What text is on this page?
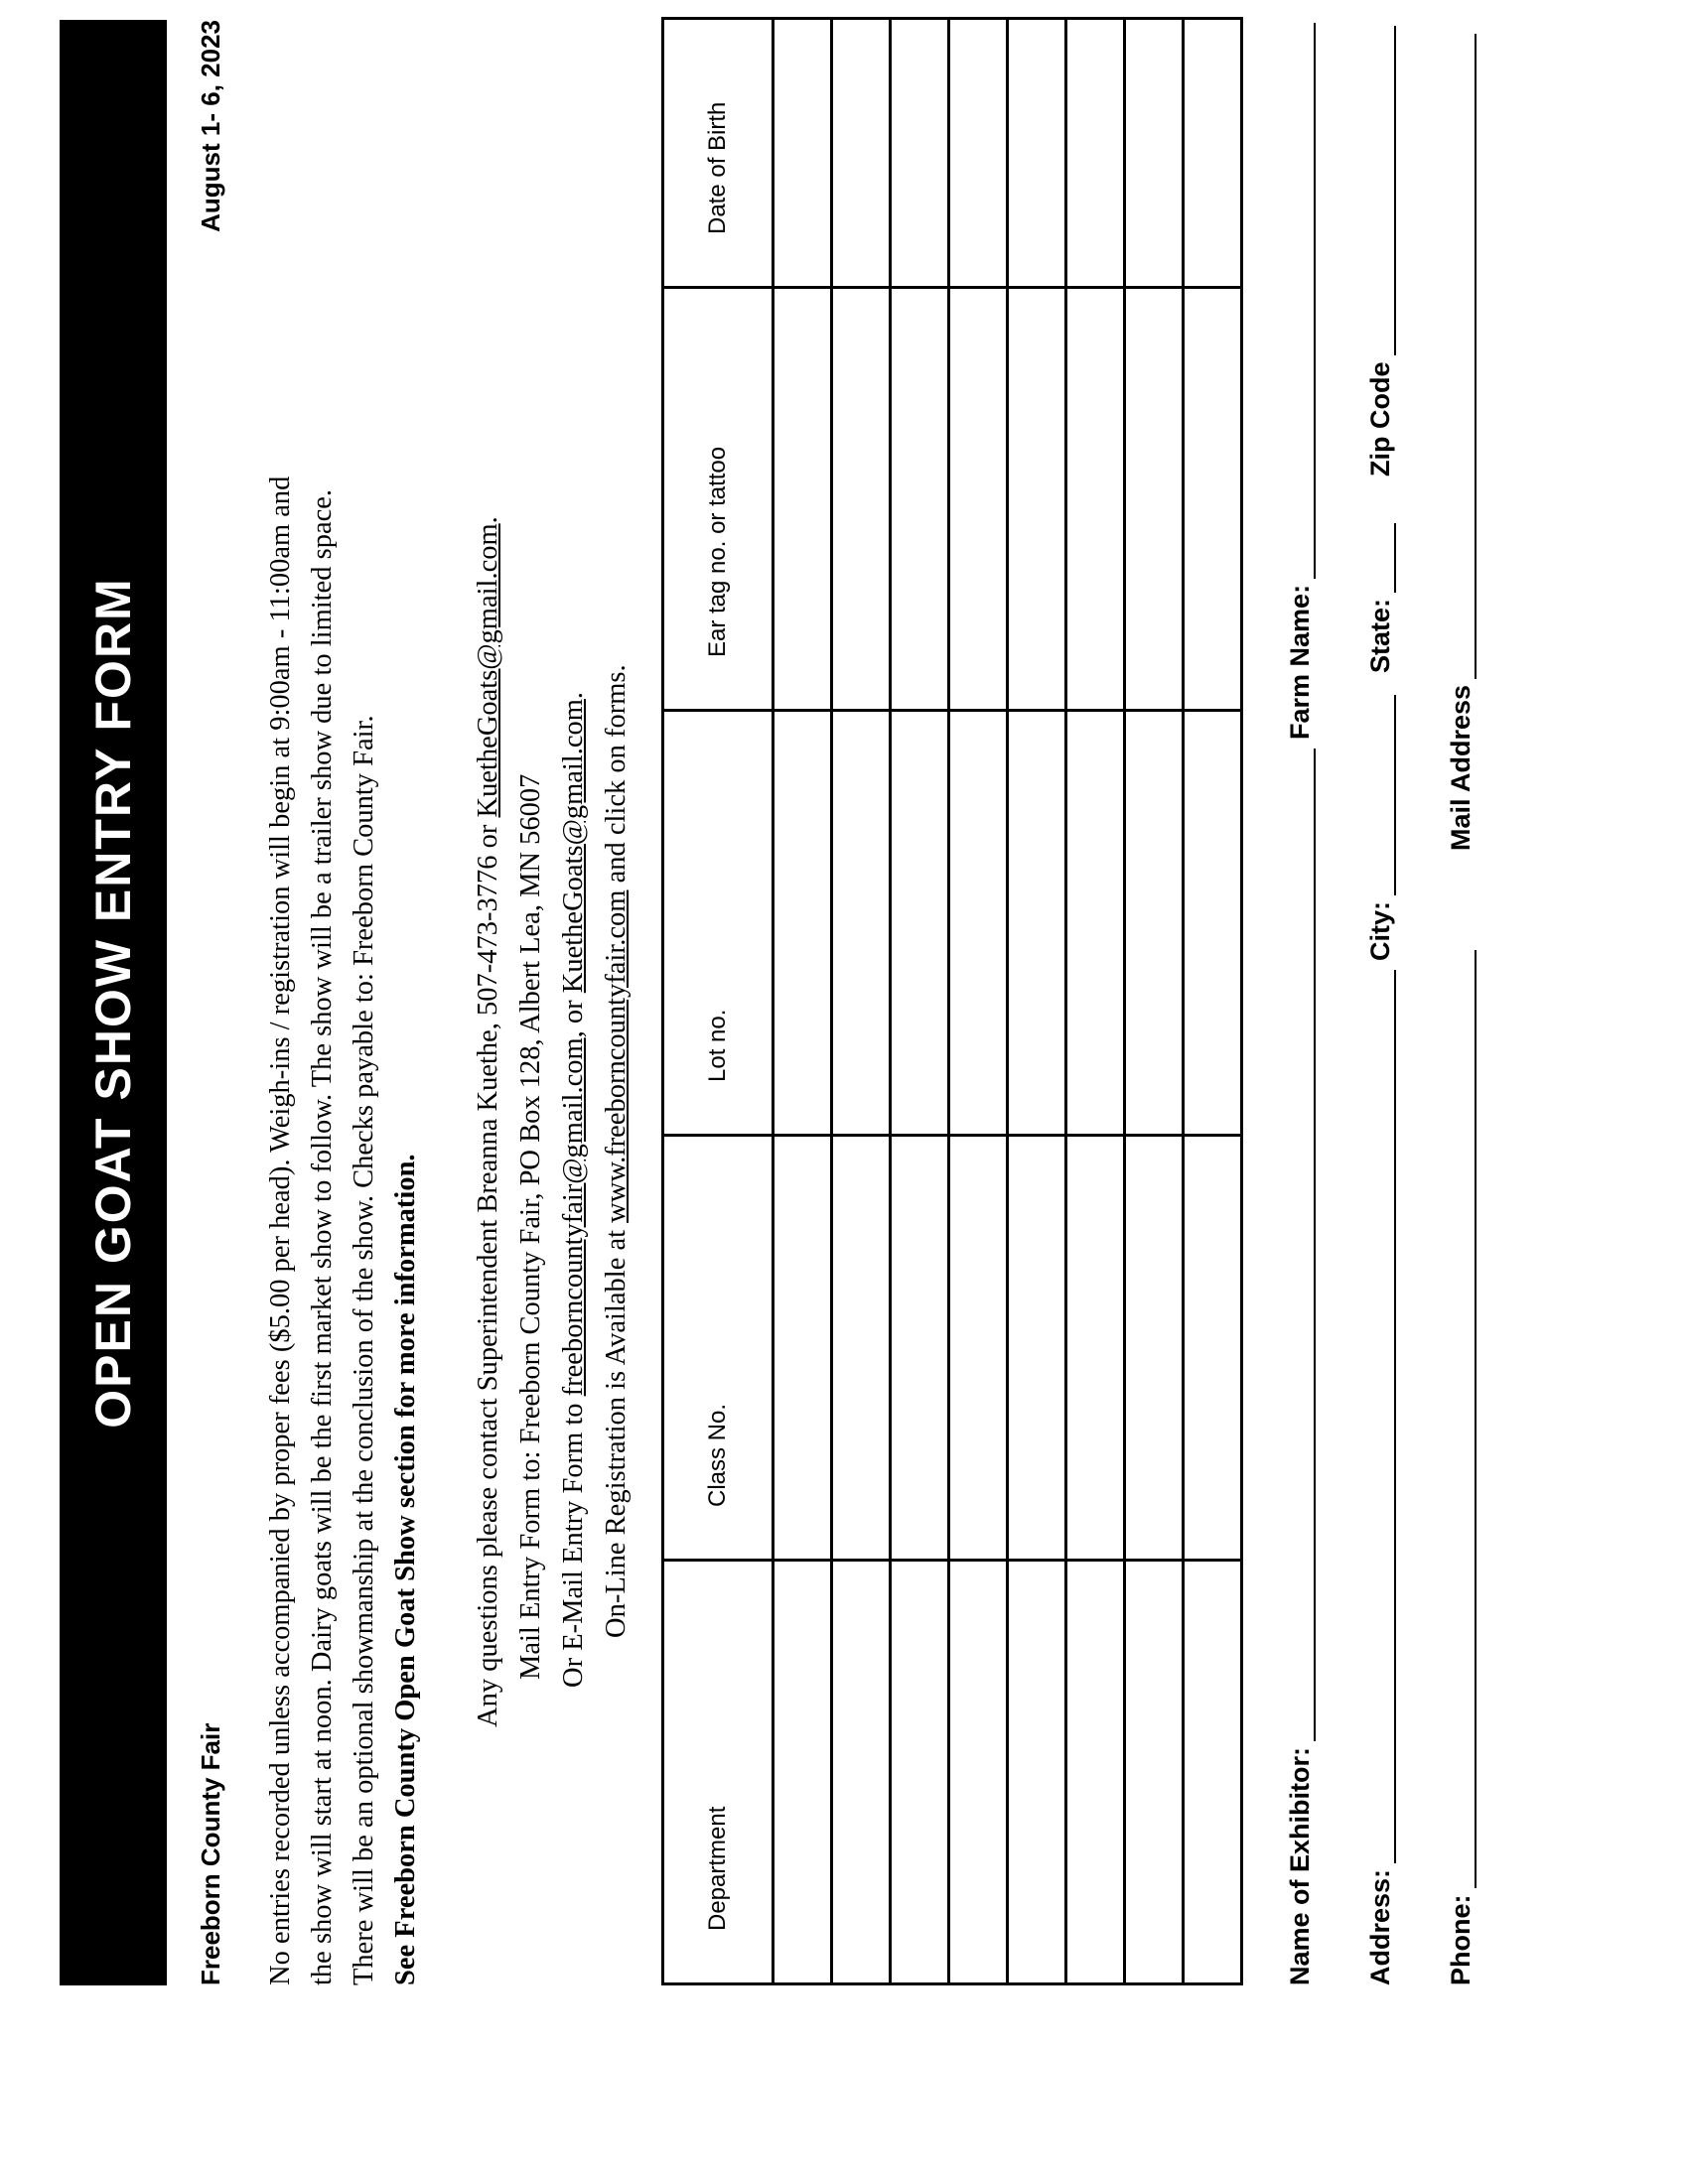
OPEN GOAT SHOW ENTRY FORM
Freeborn County Fair
August 1- 6, 2023

No entries recorded unless accompanied by proper fees ($5.00 per head). Weigh-ins / registration will begin at 9:00am - 11:00am and the show will start at noon. Dairy goats will be the first market show to follow. The show will be a trailer show due to limited space. There will be an optional showmanship at the conclusion of the show. Checks payable to: Freeborn County Fair. See Freeborn County Open Goat Show section for more information. Any questions please contact Superintendent Breanna Kuethe, 507-473-3776 or KuetheGoats@gmail.com.

Mail Entry Form to: Freeborn County Fair, PO Box 128, Albert Lea, MN 56007 Or E-Mail Entry Form to freeborncountyfair@gmail.com, or KuetheGoats@gmail.com.

On-Line Registration is Available at www.freeborncountyfair.com and click on forms.

Department	Class No.	Lot no.	Ear tag no. or tattoo	Date of Birth

Name of Exhibitor:
Farm Name:
Address:
City:
State:
Zip Code
Phone:
Mail Address
